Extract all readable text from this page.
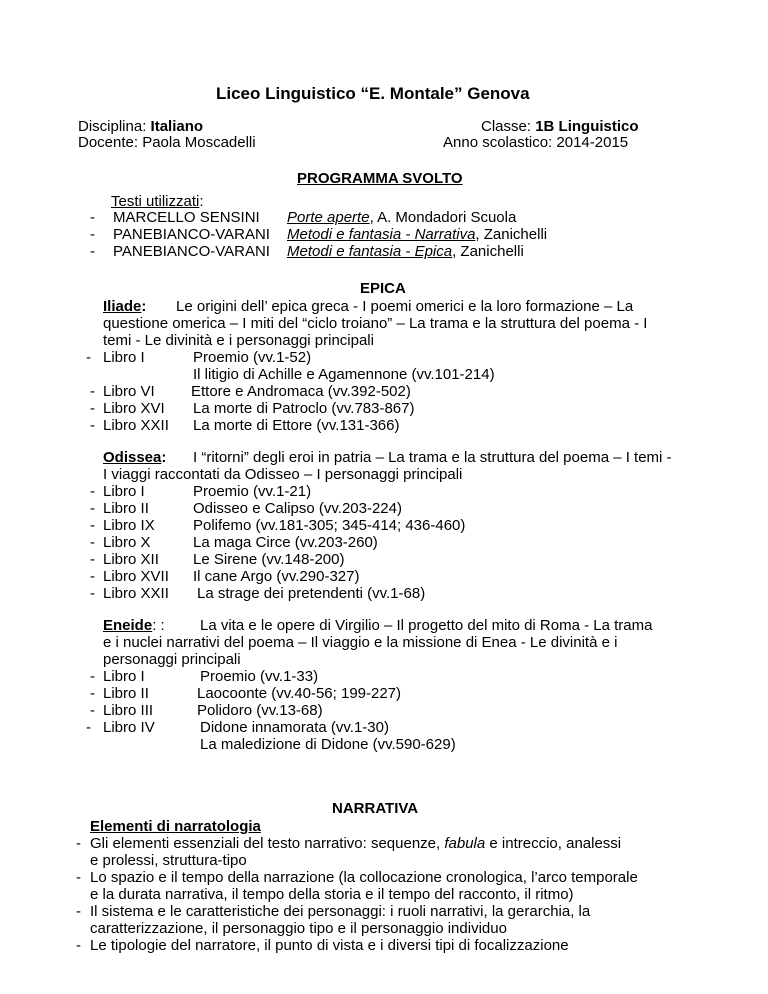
Liceo Linguistico “E. Montale” Genova
Disciplina: Italiano	Classe: 1B Linguistico
Docente: Paola Moscadelli	Anno scolastico: 2014-2015
PROGRAMMA SVOLTO
Testi utilizzati:
- MARCELLO SENSINI Porte aperte, A. Mondadori Scuola
- PANEBIANCO-VARANI Metodi e fantasia - Narrativa, Zanichelli
- PANEBIANCO-VARANI Metodi e fantasia - Epica, Zanichelli
EPICA
Iliade: Le origini dell’ epica greca - I poemi omerici e la loro formazione – La
questione omerica – I miti del “ciclo troiano” – La trama e la struttura del poema - I
temi - Le divinità e i personaggi principali
- Libro I	Proemio (vv.1-52)
Il litigio di Achille e Agamennone (vv.101-214)
- Libro VI Ettore e Andromaca (vv.392-502)
- Libro XVI La morte di Patroclo (vv.783-867)
- Libro XXII La morte di Ettore (vv.131-366)
Odissea: I “ritorni” degli eroi in patria – La trama e la struttura del poema – I temi -
I viaggi raccontati da Odisseo – I personaggi principali
- Libro I	Proemio (vv.1-21)
- Libro II	Odisseo e Calipso (vv.203-224)
- Libro IX	Polifemo (vv.181-305; 345-414; 436-460)
- Libro X	La maga Circe (vv.203-260)
- Libro XII Le Sirene (vv.148-200)
- Libro XVII Il cane Argo (vv.290-327)
- Libro XXII La strage dei pretendenti (vv.1-68)
Eneide: : La vita e le opere di Virgilio – Il progetto del mito di Roma - La trama
e i nuclei narrativi del poema – Il viaggio e la missione di Enea - Le divinità e i
personaggi principali
- Libro I	Proemio (vv.1-33)
- Libro II	Laocoonte (vv.40-56; 199-227)
- Libro III	Polidoro (vv.13-68)
- Libro IV	Didone innamorata (vv.1-30)
La maledizione di Didone (vv.590-629)
NARRATIVA
Elementi di narratologia
- Gli elementi essenziali del testo narrativo: sequenze, fabula e intreccio, analessi
e prolessi, struttura-tipo
- Lo spazio e il tempo della narrazione (la collocazione cronologica, l’arco temporale
e la durata narrativa, il tempo della storia e il tempo del racconto, il ritmo)
- Il sistema e le caratteristiche dei personaggi: i ruoli narrativi, la gerarchia, la
caratterizzazione, il personaggio tipo e il personaggio individuo
- Le tipologie del narratore, il punto di vista e i diversi tipi di focalizzazione
